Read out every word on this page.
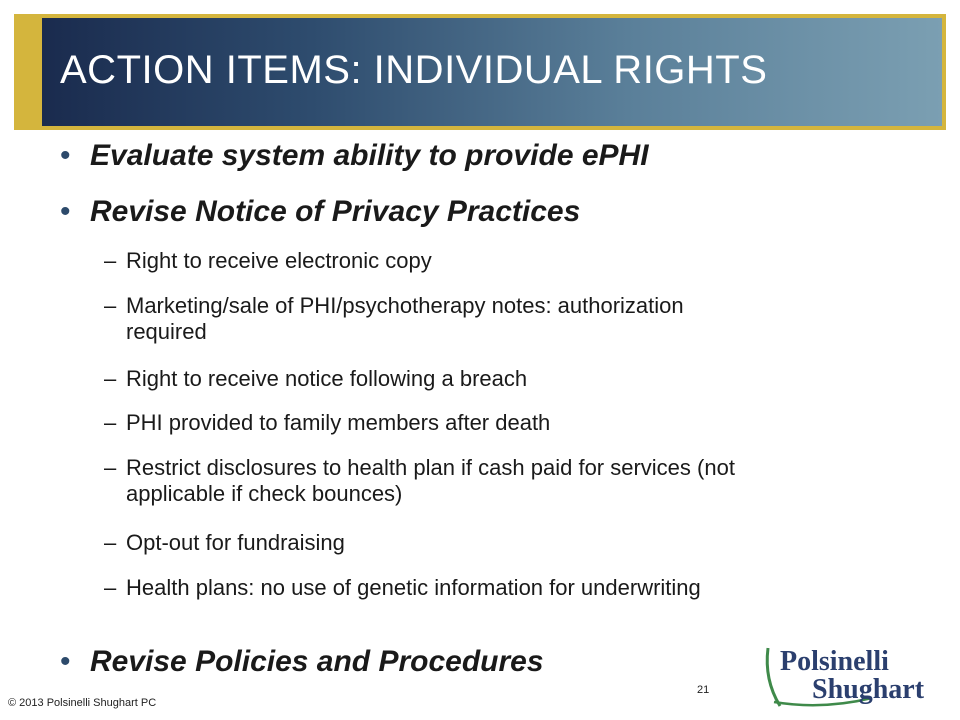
ACTION ITEMS: INDIVIDUAL RIGHTS
• Evaluate system ability to provide ePHI
• Revise Notice of Privacy Practices
– Right to receive electronic copy
– Marketing/sale of PHI/psychotherapy notes: authorization required
– Right to receive notice following a breach
– PHI provided to family members after death
– Restrict disclosures to health plan if cash paid for services (not applicable if check bounces)
– Opt-out for fundraising
– Health plans: no use of genetic information for underwriting
• Revise Policies and Procedures
© 2013 Polsinelli Shughart PC
21
Polsinelli
Shughart
